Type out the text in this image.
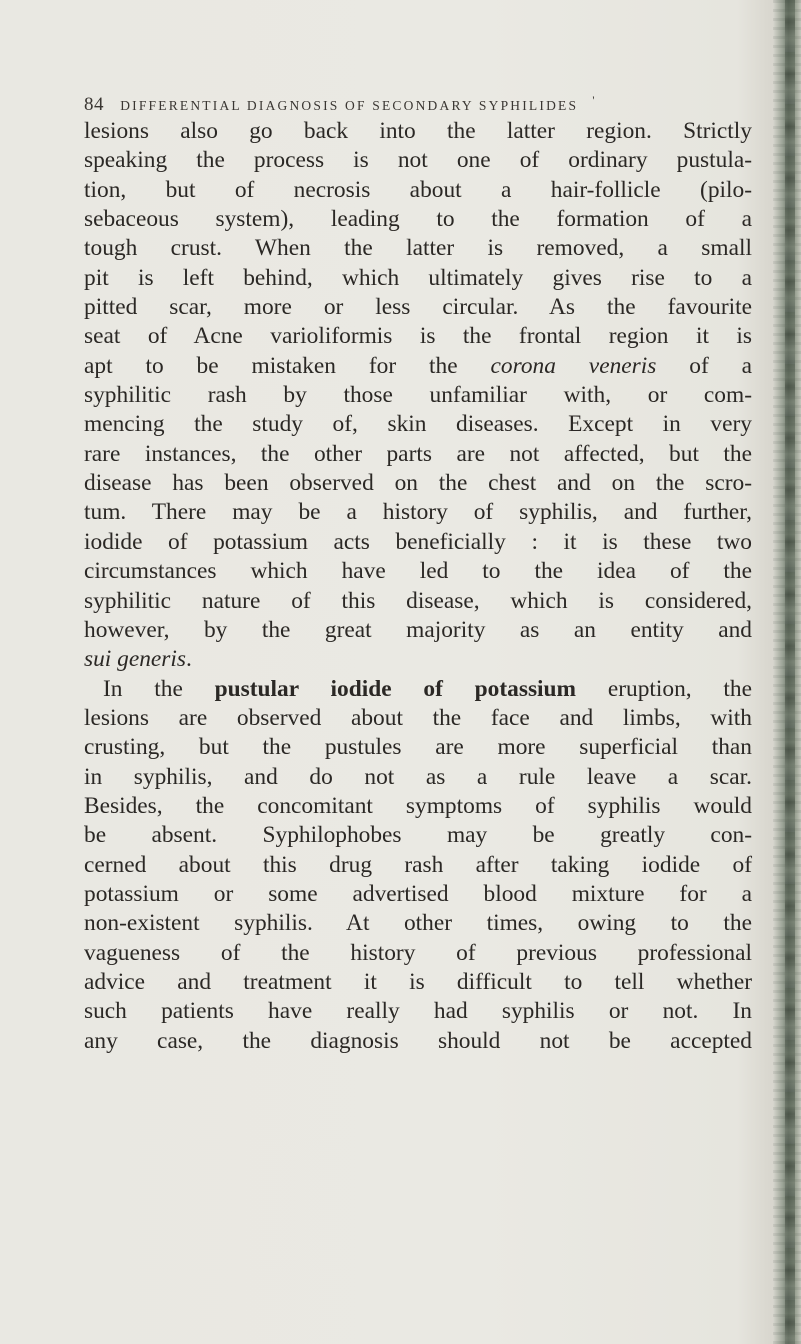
84 DIFFERENTIAL DIAGNOSIS OF SECONDARY SYPHILIDES '
lesions also go back into the latter region. Strictly
speaking the process is not one of ordinary pustula-
tion, but of necrosis about a hair-follicle (pilo-
sebaceous system), leading to the formation of a
tough crust. When the latter is removed, a small
pit is left behind, which ultimately gives rise to a
pitted scar, more or less circular. As the favourite
seat of Acne varioliformis is the frontal region it is
apt to be mistaken for the corona veneris of a
syphilitic rash by those unfamiliar with, or com-
mencing the study of, skin diseases. Except in very
rare instances, the other parts are not affected, but the
disease has been observed on the chest and on the scro-
tum. There may be a history of syphilis, and further,
iodide of potassium acts beneficially : it is these two
circumstances which have led to the idea of the
syphilitic nature of this disease, which is considered,
however, by the great majority as an entity and
sui generis.
In the pustular iodide of potassium eruption, the
lesions are observed about the face and limbs, with
crusting, but the pustules are more superficial than
in syphilis, and do not as a rule leave a scar.
Besides, the concomitant symptoms of syphilis would
be absent. Syphilophobes may be greatly con-
cerned about this drug rash after taking iodide of
potassium or some advertised blood mixture for a
non-existent syphilis. At other times, owing to the
vagueness of the history of previous professional
advice and treatment it is difficult to tell whether
such patients have really had syphilis or not. In
any case, the diagnosis should not be accepted
